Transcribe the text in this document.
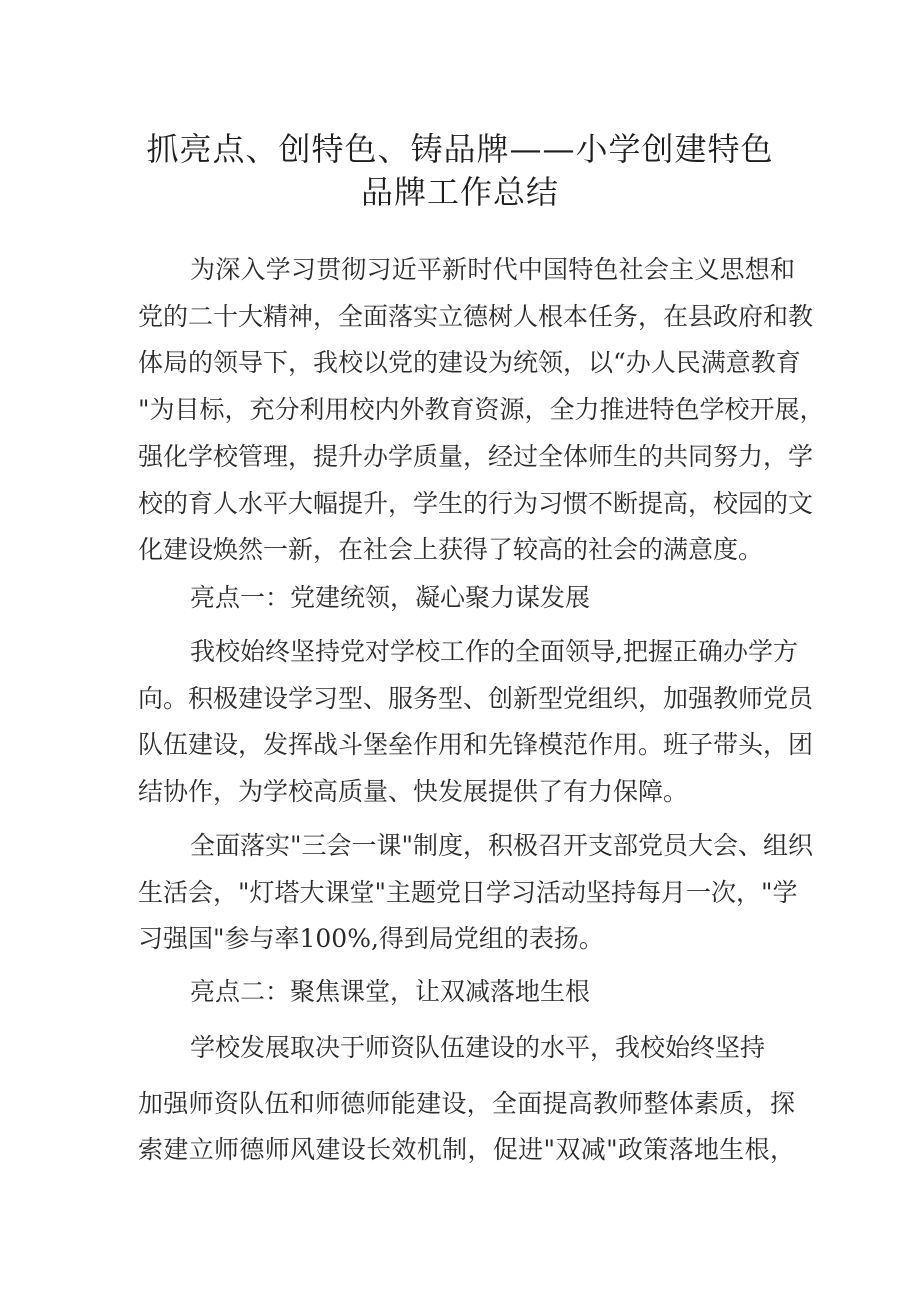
抓亮点、创特色、铸品牌——小学创建特色
品牌工作总结
为深入学习贯彻习近平新时代中国特色社会主义思想和
党的二十大精神，全面落实立德树人根本任务，在县政府和教
体局的领导下，我校以党的建设为统领，以“办人民满意教育
"为目标，充分利用校内外教育资源，全力推进特色学校开展，
强化学校管理，提升办学质量，经过全体师生的共同努力，学
校的育人水平大幅提升，学生的行为习惯不断提高，校园的文
化建设焕然一新，在社会上获得了较高的社会的满意度。
亮点一：党建统领，凝心聚力谋发展
我校始终坚持党对学校工作的全面领导,把握正确办学方
向。积极建设学习型、服务型、创新型党组织，加强教师党员
队伍建设，发挥战斗堡垒作用和先锋模范作用。班子带头，团
结协作，为学校高质量、快发展提供了有力保障。
全面落实"三会一课"制度，积极召开支部党员大会、组织
生活会，"灯塔大课堂"主题党日学习活动坚持每月一次，"学
习强国"参与率100%,得到局党组的表扬。
亮点二：聚焦课堂，让双减落地生根
学校发展取决于师资队伍建设的水平，我校始终坚持
加强师资队伍和师德师能建设，全面提高教师整体素质，探
索建立师德师风建设长效机制，促进"双减"政策落地生根，
